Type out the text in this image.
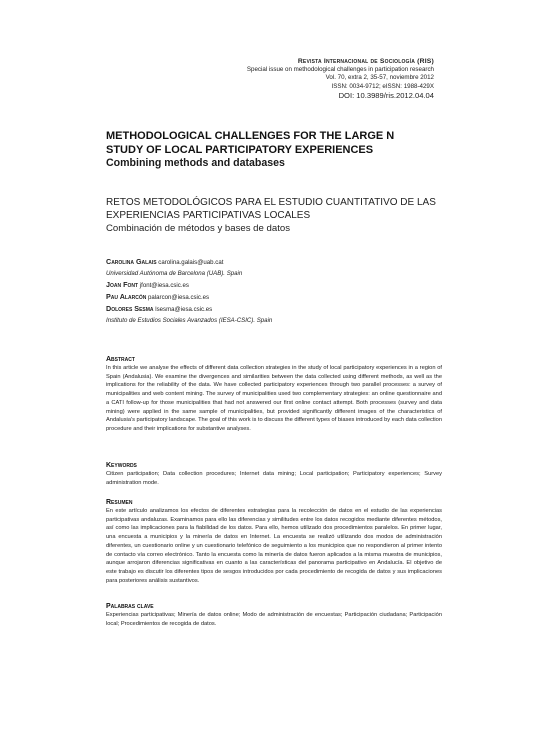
Revista Internacional de Sociología (RIS)
Special issue on methodological challenges in participation research
Vol. 70, extra 2, 35-57, noviembre 2012
ISSN: 0034-9712; eISSN: 1988-429X
DOI: 10.3989/ris.2012.04.04
METHODOLOGICAL CHALLENGES FOR THE LARGE N
STUDY OF LOCAL PARTICIPATORY EXPERIENCES
Combining methods and databases
RETOS METODOLÓGICOS PARA EL ESTUDIO CUANTITATIVO DE LAS EXPERIENCIAS PARTICIPATIVAS LOCALES
Combinación de métodos y bases de datos
Carolina Galais carolina.galais@uab.cat
Universidad Autónoma de Barcelona (UAB). Spain
Joan Font jfont@iesa.csic.es
Pau Alarcón palarcon@iesa.csic.es
Dolores Sesma lsesma@iesa.csic.es
Instituto de Estudios Sociales Avanzados (IESA-CSIC). Spain
Abstract
In this article we analyse the effects of different data collection strategies in the study of local participatory experiences in a region of Spain (Andalusia). We examine the divergences and similarities between the data collected using different methods, as well as the implications for the reliability of the data. We have collected participatory experiences through two parallel processes: a survey of municipalities and web content mining. The survey of municipalities used two complementary strategies: an online questionnaire and a CATI follow-up for those municipalities that had not answered our first online contact attempt. Both processes (survey and data mining) were applied in the same sample of municipalities, but provided significantly different images of the characteristics of Andalusia's participatory landscape. The goal of this work is to discuss the different types of biases introduced by each data collection procedure and their implications for substantive analyses.
Keywords
Citizen participation; Data collection procedures; Internet data mining; Local participation; Participatory experiences; Survey administration mode.
Resumen
En este artículo analizamos los efectos de diferentes estrategias para la recolección de datos en el estudio de las experiencias participativas andaluzas. Examinamos para ello las diferencias y similitudes entre los datos recogidos mediante diferentes métodos, así como las implicaciones para la fiabilidad de los datos. Para ello, hemos utilizado dos procedimientos paralelos. En primer lugar, una encuesta a municipios y la minería de datos en Internet. La encuesta se realizó utilizando dos modos de administración diferentes, un cuestionario online y un cuestionario telefónico de seguimiento a los municipios que no respondieron al primer intento de contacto vía correo electrónico. Tanto la encuesta como la minería de datos fueron aplicados a la misma muestra de municipios, aunque arrojaron diferencias significativas en cuanto a las características del panorama participativo en Andalucía. El objetivo de este trabajo es discutir los diferentes tipos de sesgos introducidos por cada procedimiento de recogida de datos y sus implicaciones para posteriores análisis sustantivos.
Palabras clave
Experiencias participativas; Minería de datos online; Modo de administración de encuestas; Participación ciudadana; Participación local; Procedimientos de recogida de datos.
